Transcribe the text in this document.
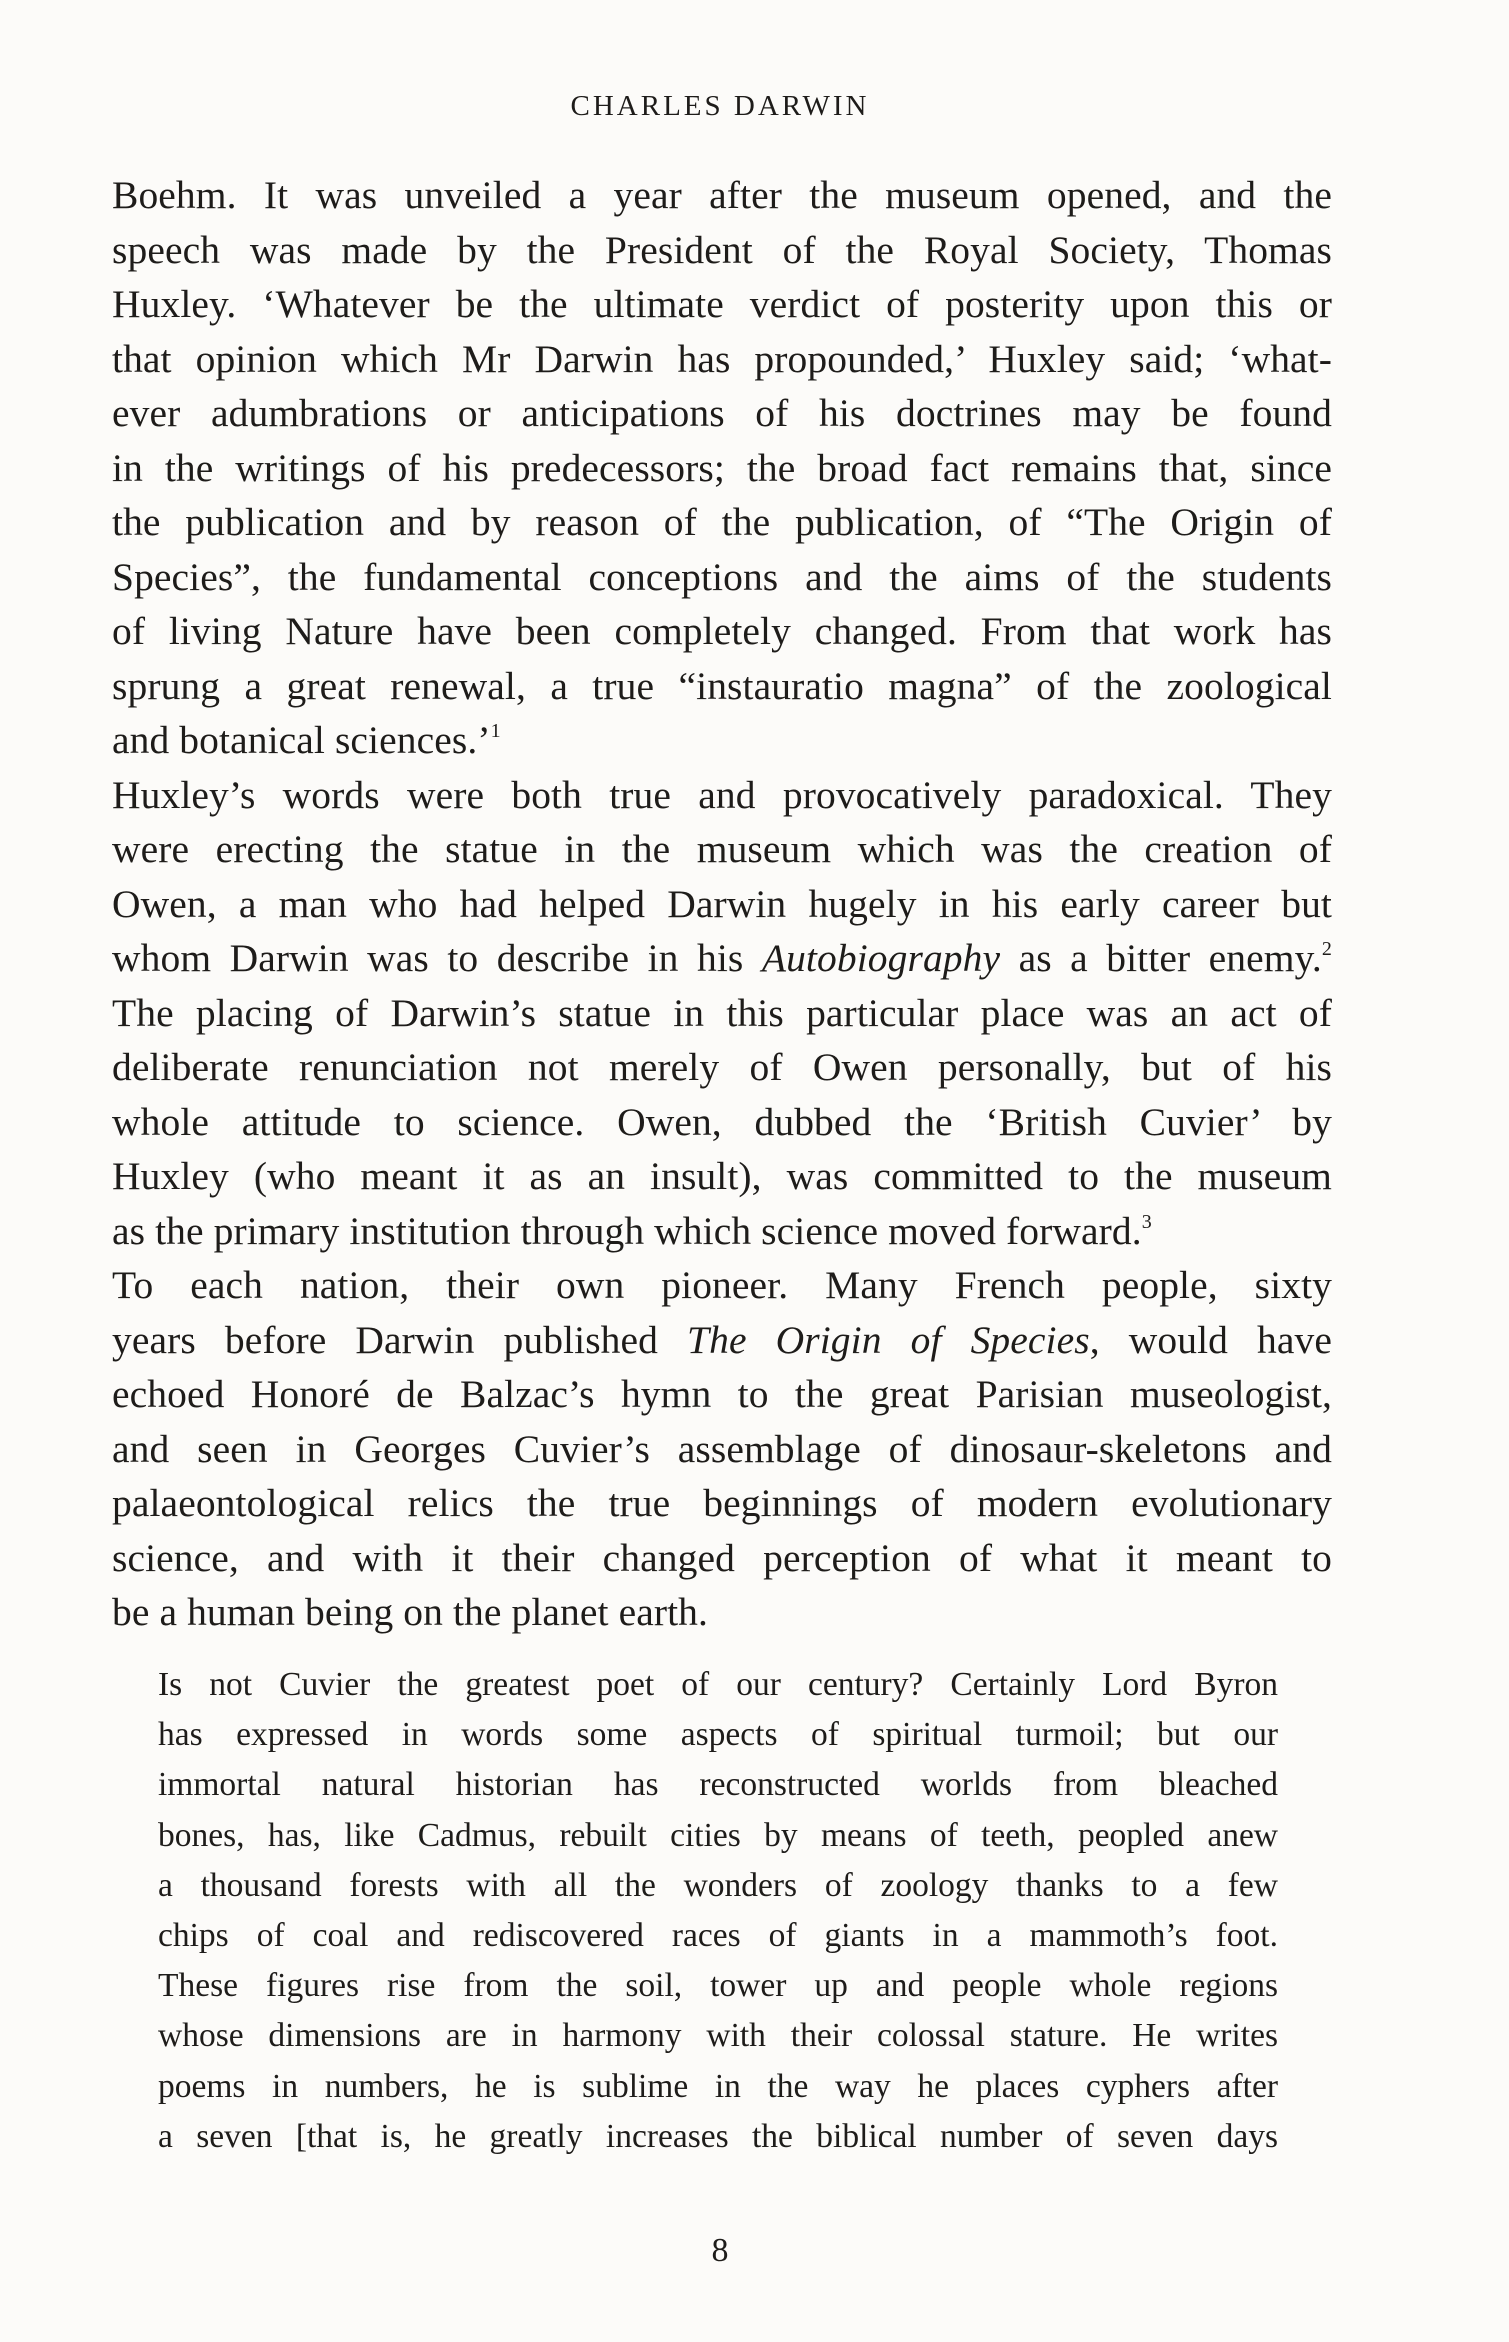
CHARLES DARWIN
Boehm. It was unveiled a year after the museum opened, and the
speech was made by the President of the Royal Society, Thomas
Huxley. ‘Whatever be the ultimate verdict of posterity upon this or
that opinion which Mr Darwin has propounded,’ Huxley said; ‘what-
ever adumbrations or anticipations of his doctrines may be found
in the writings of his predecessors; the broad fact remains that, since
the publication and by reason of the publication, of “The Origin of
Species”, the fundamental conceptions and the aims of the students
of living Nature have been completely changed. From that work has
sprung a great renewal, a true “instauratio magna” of the zoological
and botanical sciences.’$^1$
Huxley’s words were both true and provocatively paradoxical. They
were erecting the statue in the museum which was the creation of
Owen, a man who had helped Darwin hugely in his early career but
whom Darwin was to describe in his Autobiography as a bitter enemy.$^2$
The placing of Darwin’s statue in this particular place was an act of
deliberate renunciation not merely of Owen personally, but of his
whole attitude to science. Owen, dubbed the ‘British Cuvier’ by
Huxley (who meant it as an insult), was committed to the museum
as the primary institution through which science moved forward.$^3$
To each nation, their own pioneer. Many French people, sixty
years before Darwin published The Origin of Species, would have
echoed Honoré de Balzac’s hymn to the great Parisian museologist,
and seen in Georges Cuvier’s assemblage of dinosaur-skeletons and
palaeontological relics the true beginnings of modern evolutionary
science, and with it their changed perception of what it meant to
be a human being on the planet earth.
Is not Cuvier the greatest poet of our century? Certainly Lord Byron
has expressed in words some aspects of spiritual turmoil; but our
immortal natural historian has reconstructed worlds from bleached
bones, has, like Cadmus, rebuilt cities by means of teeth, peopled anew
a thousand forests with all the wonders of zoology thanks to a few
chips of coal and rediscovered races of giants in a mammoth’s foot.
These figures rise from the soil, tower up and people whole regions
whose dimensions are in harmony with their colossal stature. He writes
poems in numbers, he is sublime in the way he places cyphers after
a seven [that is, he greatly increases the biblical number of seven days
8
